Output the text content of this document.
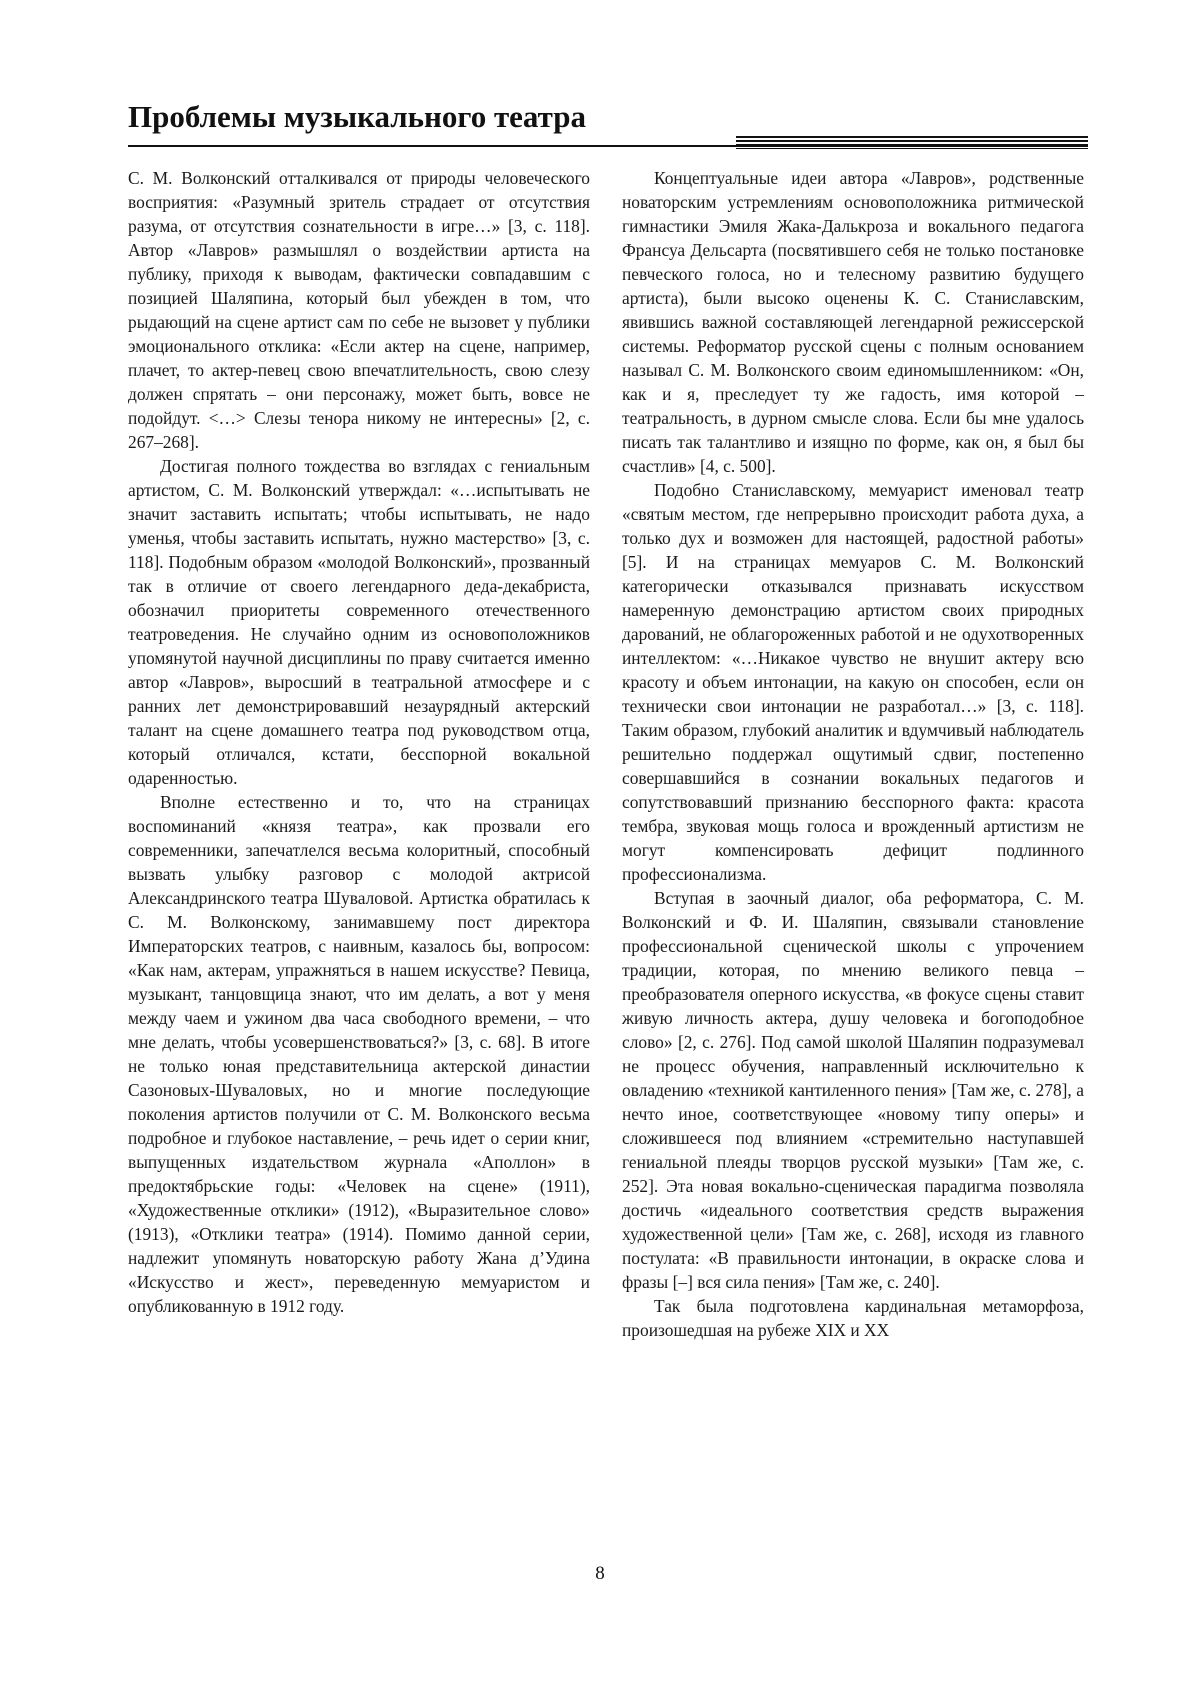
Проблемы музыкального театра

С. М. Волконский отталкивался от природы человеческого восприятия: «Разумный зритель страдает от отсутствия разума, от отсутствия сознательности в игре…» [3, с. 118]. Автор «Лавров» размышлял о воздействии артиста на публику, приходя к выводам, фактически совпадавшим с позицией Шаляпина, который был убежден в том, что рыдающий на сцене артист сам по себе не вызовет у публики эмоционального отклика: «Если актер на сцене, например, плачет, то актер-певец свою впечатлительность, свою слезу должен спрятать – они персонажу, может быть, вовсе не подойдут. <…> Слезы тенора никому не интересны» [2, с. 267–268].

Достигая полного тождества во взглядах с гениальным артистом, С. М. Волконский утверждал: «…испытывать не значит заставить испытать; чтобы испытывать, не надо уменья, чтобы заставить испытать, нужно мастерство» [3, с. 118]. Подобным образом «молодой Волконский», прозванный так в отличие от своего легендарного деда-декабриста, обозначил приоритеты современного отечественного театроведения. Не случайно одним из основоположников упомянутой научной дисциплины по праву считается именно автор «Лавров», выросший в театральной атмосфере и с ранних лет демонстрировавший незаурядный актерский талант на сцене домашнего театра под руководством отца, который отличался, кстати, бесспорной вокальной одаренностью.

Вполне естественно и то, что на страницах воспоминаний «князя театра», как прозвали его современники, запечатлелся весьма колоритный, способный вызвать улыбку разговор с молодой актрисой Александринского театра Шуваловой. Артистка обратилась к С. М. Волконскому, занимавшему пост директора Императорских театров, с наивным, казалось бы, вопросом: «Как нам, актерам, упражняться в нашем искусстве? Певица, музыкант, танцовщица знают, что им делать, а вот у меня между чаем и ужином два часа свободного времени, – что мне делать, чтобы усовершенствоваться?» [3, с. 68]. В итоге не только юная представительница актерской династии Сазоновых-Шуваловых, но и многие последующие поколения артистов получили от С. М. Волконского весьма подробное и глубокое наставление, – речь идет о серии книг, выпущенных издательством журнала «Аполлон» в предоктябрьские годы: «Человек на сцене» (1911), «Художественные отклики» (1912), «Выразительное слово» (1913), «Отклики театра» (1914). Помимо данной серии, надлежит упомянуть новаторскую работу Жана д’Удина «Искусство и жест», переведенную мемуаристом и опубликованную в 1912 году.

Концептуальные идеи автора «Лавров», родственные новаторским устремлениям основоположника ритмической гимнастики Эмиля Жака-Далькроза и вокального педагога Франсуа Дельсарта (посвятившего себя не только постановке певческого голоса, но и телесному развитию будущего артиста), были высоко оценены К. С. Станиславским, явившись важной составляющей легендарной режиссерской системы. Реформатор русской сцены с полным основанием называл С. М. Волконского своим единомышленником: «Он, как и я, преследует ту же гадость, имя которой – театральность, в дурном смысле слова. Если бы мне удалось писать так талантливо и изящно по форме, как он, я был бы счастлив» [4, с. 500].

Подобно Станиславскому, мемуарист именовал театр «святым местом, где непрерывно происходит работа духа, а только дух и возможен для настоящей, радостной работы» [5]. И на страницах мемуаров С. М. Волконский категорически отказывался признавать искусством намеренную демонстрацию артистом своих природных дарований, не облагороженных работой и не одухотворенных интеллектом: «…Никакое чувство не внушит актеру всю красоту и объем интонации, на какую он способен, если он технически свои интонации не разработал…» [3, с. 118]. Таким образом, глубокий аналитик и вдумчивый наблюдатель решительно поддержал ощутимый сдвиг, постепенно совершавшийся в сознании вокальных педагогов и сопутствовавший признанию бесспорного факта: красота тембра, звуковая мощь голоса и врожденный артистизм не могут компенсировать дефицит подлинного профессионализма.

Вступая в заочный диалог, оба реформатора, С. М. Волконский и Ф. И. Шаляпин, связывали становление профессиональной сценической школы с упрочением традиции, которая, по мнению великого певца – преобразователя оперного искусства, «в фокусе сцены ставит живую личность актера, душу человека и богоподобное слово» [2, с. 276]. Под самой школой Шаляпин подразумевал не процесс обучения, направленный исключительно к овладению «техникой кантиленного пения» [Там же, с. 278], а нечто иное, соответствующее «новому типу оперы» и сложившееся под влиянием «стремительно наступавшей гениальной плеяды творцов русской музыки» [Там же, с. 252]. Эта новая вокально-сценическая парадигма позволяла достичь «идеального соответствия средств выражения художественной цели» [Там же, с. 268], исходя из главного постулата: «В правильности интонации, в окраске слова и фразы [–] вся сила пения» [Там же, с. 240].

Так была подготовлена кардинальная метаморфоза, произошедшая на рубеже XIX и XX

8
